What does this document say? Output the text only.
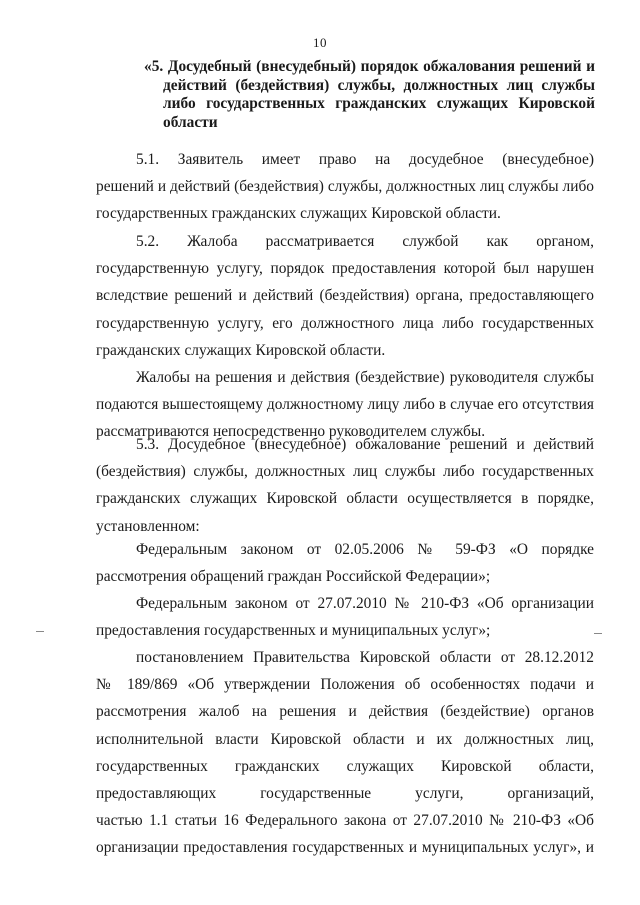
10
«5. Досудебный (внесудебный) порядок обжалования решений и
действий (бездействия) службы, должностных лиц службы
либо государственных гражданских служащих Кировской
области
5.1. Заявитель имеет право на досудебное (внесудебное)
решений и действий (бездействия) службы, должностных лиц службы либо
государственных гражданских служащих Кировской области.
5.2. Жалоба рассматривается службой как органом,
государственную услугу, порядок предоставления которой был нарушен
вследствие решений и действий (бездействия) органа, предоставляющего
государственную услугу, его должностного лица либо государственных
гражданских служащих Кировской области.
Жалобы на решения и действия (бездействие) руководителя службы
подаются вышестоящему должностному лицу либо в случае его отсутствия
рассматриваются непосредственно руководителем службы.
5.3. Досудебное (внесудебное) обжалование решений и действий
(бездействия) службы, должностных лиц службы либо государственных
гражданских служащих Кировской области осуществляется в порядке,
установленном:
Федеральным законом от 02.05.2006 № 59-ФЗ «О порядке
рассмотрения обращений граждан Российской Федерации»;
Федеральным законом от 27.07.2010 № 210-ФЗ «Об организации
предоставления государственных и муниципальных услуг»;
постановлением Правительства Кировской области от 28.12.2012
№ 189/869 «Об утверждении Положения об особенностях подачи и
рассмотрения жалоб на решения и действия (бездействие) органов
исполнительной власти Кировской области и их должностных лиц,
государственных гражданских служащих Кировской области,
предоставляющих государственные услуги, организаций,
частью 1.1 статьи 16 Федерального закона от 27.07.2010 № 210-ФЗ «Об
организации предоставления государственных и муниципальных услуг», и
